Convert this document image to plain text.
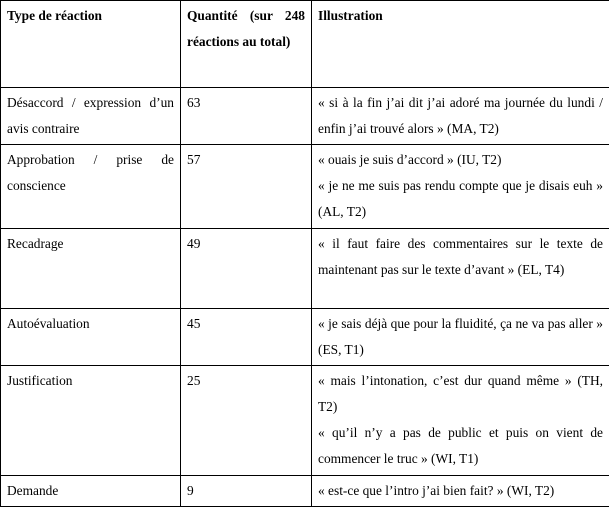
Type de réaction	Quantité (sur 248 réactions au total)	Illustration
Désaccord / expression d’un avis contraire	63	« si à la fin j’ai dit j’ai adoré ma journée du lundi / enfin j’ai trouvé alors » (MA, T2)

Approbation / prise de conscience	57	« ouais je suis d’accord » (IU, T2)

« je ne me suis pas rendu compte que je disais euh » (AL, T2)

Recadrage	49	« il faut faire des commentaires sur le texte de maintenant pas sur le texte d’avant » (EL, T4)

Autoévaluation	45	« je sais déjà que pour la fluidité, ça ne va pas aller » (ES, T1)

Justification	25	« mais l’intonation, c’est dur quand même » (TH, T2)

« qu’il n’y a pas de public et puis on vient de commencer le truc » (WI, T1)

Demande	9	« est-ce que l’intro j’ai bien fait? » (WI, T2)
